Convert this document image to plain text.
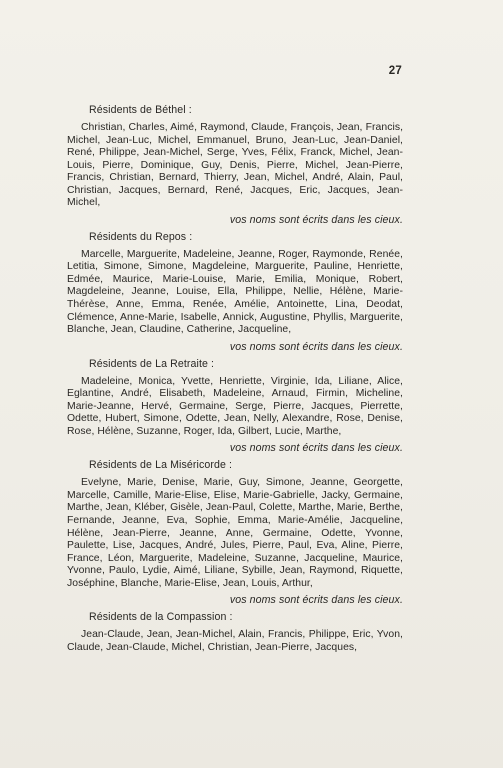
27
Résidents de Béthel :

Christian, Charles, Aimé, Raymond, Claude, François, Jean, Francis, Michel, Jean-Luc, Michel, Emmanuel, Bruno, Jean-Luc, Jean-Daniel, René, Philippe, Jean-Michel, Serge, Yves, Félix, Franck, Michel, Jean-Louis, Pierre, Dominique, Guy, Denis, Pierre, Michel, Jean-Pierre, Francis, Christian, Bernard, Thierry, Jean, Michel, André, Alain, Paul, Christian, Jacques, Bernard, René, Jacques, Eric, Jacques, Jean-Michel,

vos noms sont écrits dans les cieux.
Résidents du Repos :

Marcelle, Marguerite, Madeleine, Jeanne, Roger, Raymonde, Renée, Letitia, Simone, Simone, Magdeleine, Marguerite, Pauline, Henriette, Edmée, Maurice, Marie-Louise, Marie, Emilia, Monique, Robert, Magdeleine, Jeanne, Louise, Ella, Philippe, Nellie, Hélène, Marie-Thérèse, Anne, Emma, Renée, Amélie, Antoinette, Lina, Deodat, Clémence, Anne-Marie, Isabelle, Annick, Augustine, Phyllis, Marguerite, Blanche, Jean, Claudine, Catherine, Jacqueline,

vos noms sont écrits dans les cieux.
Résidents de La Retraite :

Madeleine, Monica, Yvette, Henriette, Virginie, Ida, Liliane, Alice, Eglantine, André, Elisabeth, Madeleine, Arnaud, Firmin, Micheline, Marie-Jeanne, Hervé, Germaine, Serge, Pierre, Jacques, Pierrette, Odette, Hubert, Simone, Odette, Jean, Nelly, Alexandre, Rose, Denise, Rose, Hélène, Suzanne, Roger, Ida, Gilbert, Lucie, Marthe,

vos noms sont écrits dans les cieux.
Résidents de La Miséricorde :

Evelyne, Marie, Denise, Marie, Guy, Simone, Jeanne, Georgette, Marcelle, Camille, Marie-Elise, Elise, Marie-Gabrielle, Jacky, Germaine, Marthe, Jean, Kléber, Gisèle, Jean-Paul, Colette, Marthe, Marie, Berthe, Fernande, Jeanne, Eva, Sophie, Emma, Marie-Amélie, Jacqueline, Hélène, Jean-Pierre, Jeanne, Anne, Germaine, Odette, Yvonne, Paulette, Lise, Jacques, André, Jules, Pierre, Paul, Eva, Aline, Pierre, France, Léon, Marguerite, Madeleine, Suzanne, Jacqueline, Maurice, Yvonne, Paulo, Lydie, Aimé, Liliane, Sybille, Jean, Raymond, Riquette, Joséphine, Blanche, Marie-Elise, Jean, Louis, Arthur,

vos noms sont écrits dans les cieux.
Résidents de la Compassion :

Jean-Claude, Jean, Jean-Michel, Alain, Francis, Philippe, Eric, Yvon, Claude, Jean-Claude, Michel, Christian, Jean-Pierre, Jacques,
